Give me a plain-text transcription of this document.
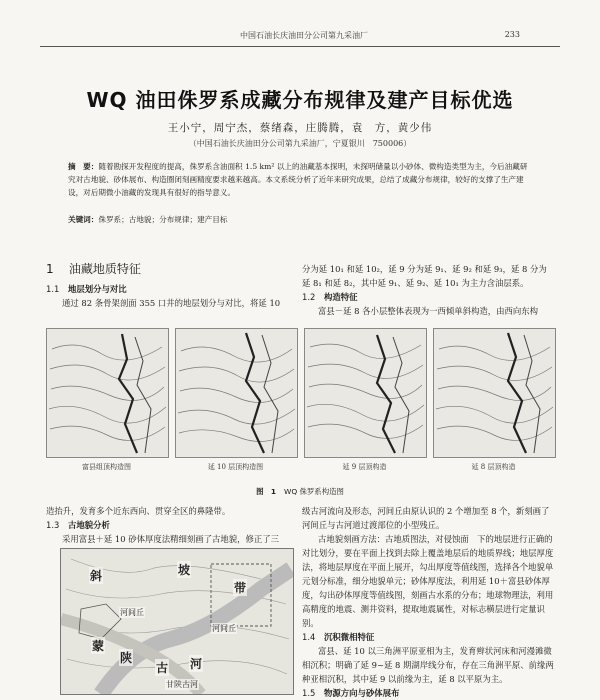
中国石油长庆油田分公司第九采油厂	233
WQ 油田侏罗系成藏分布规律及建产目标优选
王小宁，周宁杰，蔡绪森，庄腾腾，袁　方，黄少伟
（中国石油长庆油田分公司第九采油厂，宁夏银川　750006）
摘　要：随着勘探开发程度的提高，侏罗系含油面积 1.5 km² 以上的油藏基本探明，未探明储量以小砂体、微构造类型为主，今后油藏研究对古地貌、砂体展布、构造圈闭刻画精度要求越来越高。本文系统分析了近年来研究成果，总结了成藏分布规律，较好的支撑了生产建设，对后期微小油藏的发现具有很好的指导意义。
关键词：侏罗系；古地貌；分布规律；建产目标
1 油藏地质特征
1.1 地层划分与对比

通过 82 条骨架剖面 355 口井的地层划分与对比，将延 10

分为延 10₁ 和延 10₂，延 9 分为延 9₁、延 9₂ 和延 9₃，延 8 分为延 8₁ 和延 8₂，其中延 9₁、延 9₂、延 10₁ 为主力含油层系。

1.2 构造特征

富县－延 8 各小层整体表现为一西倾单斜构造，由西向东构

富县组顶构造图	延 10 层顶构造图	延 9 层顶构造	延 8 层顶构造
图　1 WQ 侏罗系构造图

造抬升，发育多个近东西向、贯穿全区的鼻隆带。

1.3 古地貌分析

采用富县＋延 10 砂体厚度法精细刻画了古地貌，修正了三

斜	坡
带
河间丘
河间丘
蒙
陕
古 河
甘陕古河

级古河流向及形态，河间丘由原认识的 2 个增加至 8 个，新刻画了河间丘与古河道过渡部位的小型残丘。

古地貌刻画方法：古地质图法，对侵蚀面　下的地层进行正确的对比划分，要在平面上找到去除上覆盖地层后的地质界线；地层厚度法，将地层厚度在平面上展开，勾出厚度等值线图，选择各个地貌单元划分标准，细分地貌单元；砂体厚度法，利用延 10＋富县砂体厚度，勾出砂体厚度等值线图，刻画古水系的分布；地球物理法，利用高精度的地震、测井资料，提取地震属性，对标志横层进行定量识别。

1.4 沉积微相特征

富县、延 10 以三角洲平原亚相为主，发育辫状河床和河漫滩微相沉积；明确了延 9~延 8 期湖岸线分布，存在三角洲平原、前缘两种亚相沉积，其中延 9 以前缘为主，延 8 以平原为主。

1.5 物源方向与砂体展布
